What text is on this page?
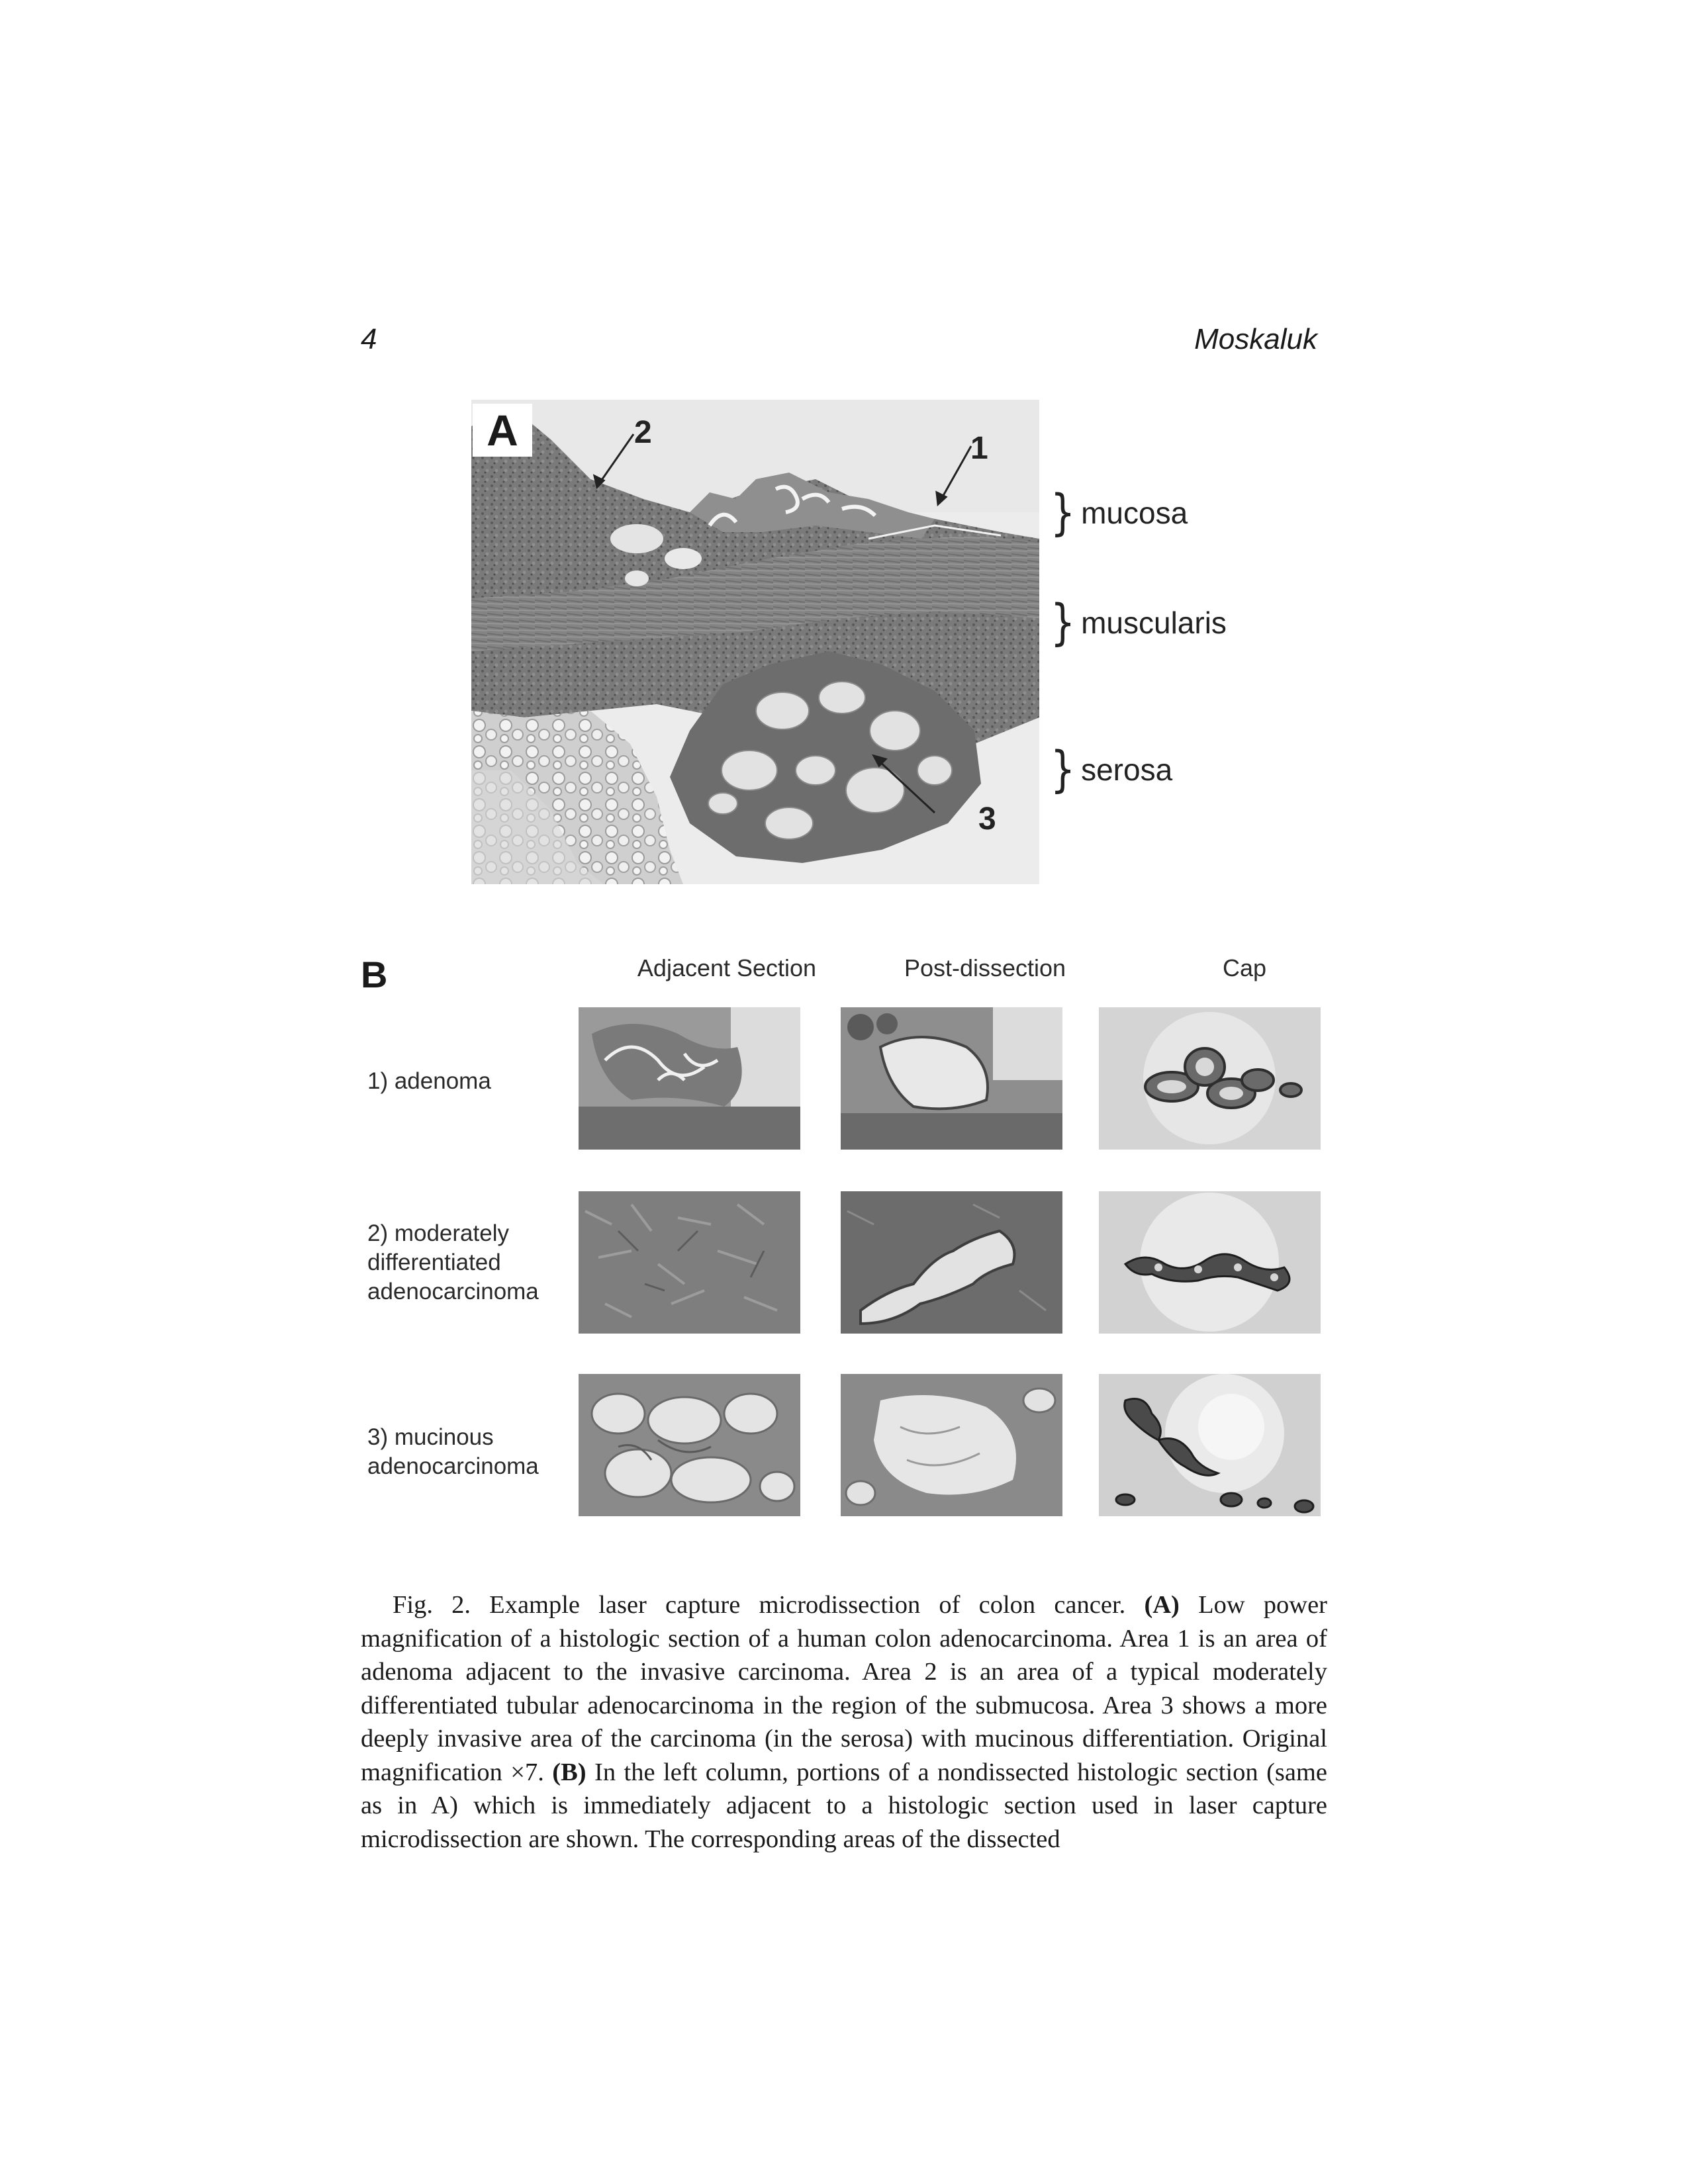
4	Moskaluk
A	2	1
3
} mucosa
} muscularis
} serosa
B	Adjacent Section	Post-dissection	Cap
1) adenoma
2) moderately
differentiated
adenocarcinoma
3) mucinous
adenocarcinoma

Fig. 2. Example laser capture microdissection of colon cancer. (A) Low power magnification of a histologic section of a human colon adenocarcinoma. Area 1 is an area of adenoma adjacent to the invasive carcinoma. Area 2 is an area of a typical moderately differentiated tubular adenocarcinoma in the region of the submucosa. Area 3 shows a more deeply invasive area of the carcinoma (in the serosa) with mucinous differentiation. Original magnification ×7. (B) In the left column, portions of a nondissected histologic section (same as in A) which is immediately adjacent to a histologic section used in laser capture microdissection are shown. The corresponding areas of the dissected
